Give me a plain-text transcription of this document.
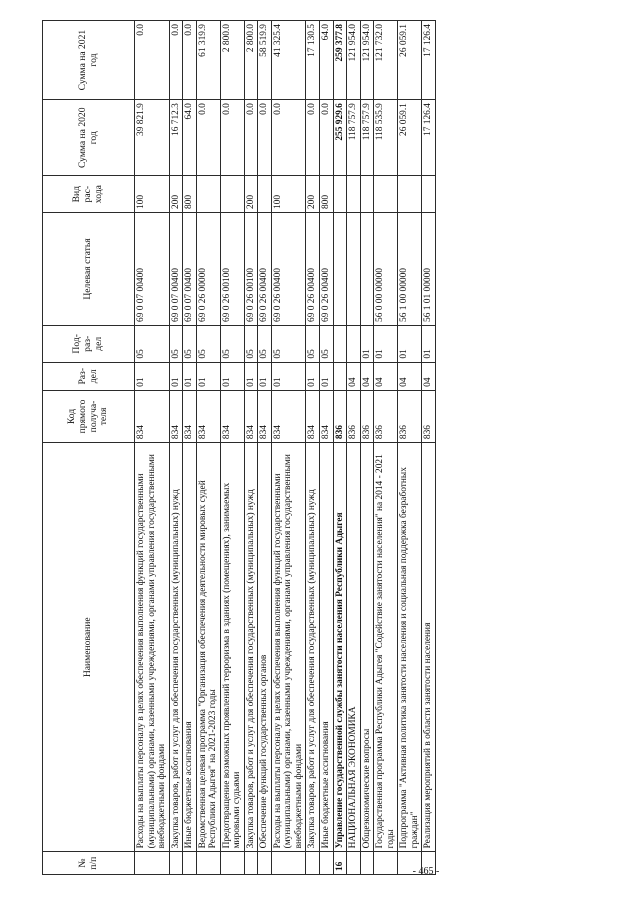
- 465 -
№ п/п	Наименование	Код прямого получа-теля	Раз-дел	Под-раз-дел	Целевая статья	Вид рас-хода	Сумма на 2020 год	Сумма на 2021 год
	Расходы на выплаты персоналу в целях обеспечения выполнения функций государственными (муниципальными) органами, казенными учреждениями, органами управления государственными внебюджетными фондами	834	01	05	69 0 07 00400	100	39 821.9	0.0
	Закупка товаров, работ и услуг для обеспечения государственных (муниципальных) нужд	834	01	05	69 0 07 00400	200	16 712.3	0.0
	Иные бюджетные ассигнования	834	01	05	69 0 07 00400	800	64.0	0.0
	Ведомственная целевая программа "Организация обеспечения деятельности мировых судей Республики Адыгея" на 2021-2023 годы	834	01	05	69 0 26 00000		0.0	61 319.9
	Предотвращение возможных проявлений терроризма в зданиях (помещениях), занимаемых мировыми судьями	834	01	05	69 0 26 00100		0.0	2 800.0
	Закупка товаров, работ и услуг для обеспечения государственных (муниципальных) нужд	834	01	05	69 0 26 00100	200	0.0	2 800.0
	Обеспечение функций государственных органов	834	01	05	69 0 26 00400		0.0	58 519.9
	Расходы на выплаты персоналу в целях обеспечения выполнения функций государственными (муниципальными) органами, казенными учреждениями, органами управления государственными внебюджетными фондами	834	01	05	69 0 26 00400	100	0.0	41 325.4
	Закупка товаров, работ и услуг для обеспечения государственных (муниципальных) нужд	834	01	05	69 0 26 00400	200	0.0	17 130.5
	Иные бюджетные ассигнования	834	01	05	69 0 26 00400	800	0.0	64.0
16	Управление государственной службы занятости населения Республики Адыгея	836					255 929.6	259 377.8
	НАЦИОНАЛЬНАЯ ЭКОНОМИКА	836	04				118 757.9	121 954.0
	Общеэкономические вопросы	836	04	01			118 757.9	121 954.0
	Государственная программа Республики Адыгея "Содействие занятости населения" на 2014 - 2021 годы	836	04	01	56 0 00 00000		118 535.9	121 732.0
	Подпрограмма "Активная политика занятости населения и социальная поддержка безработных граждан"	836	04	01	56 1 00 00000		26 059.1	26 059.1
	Реализация мероприятий в области занятости населения	836	04	01	56 1 01 00000		17 126.4	17 126.4
